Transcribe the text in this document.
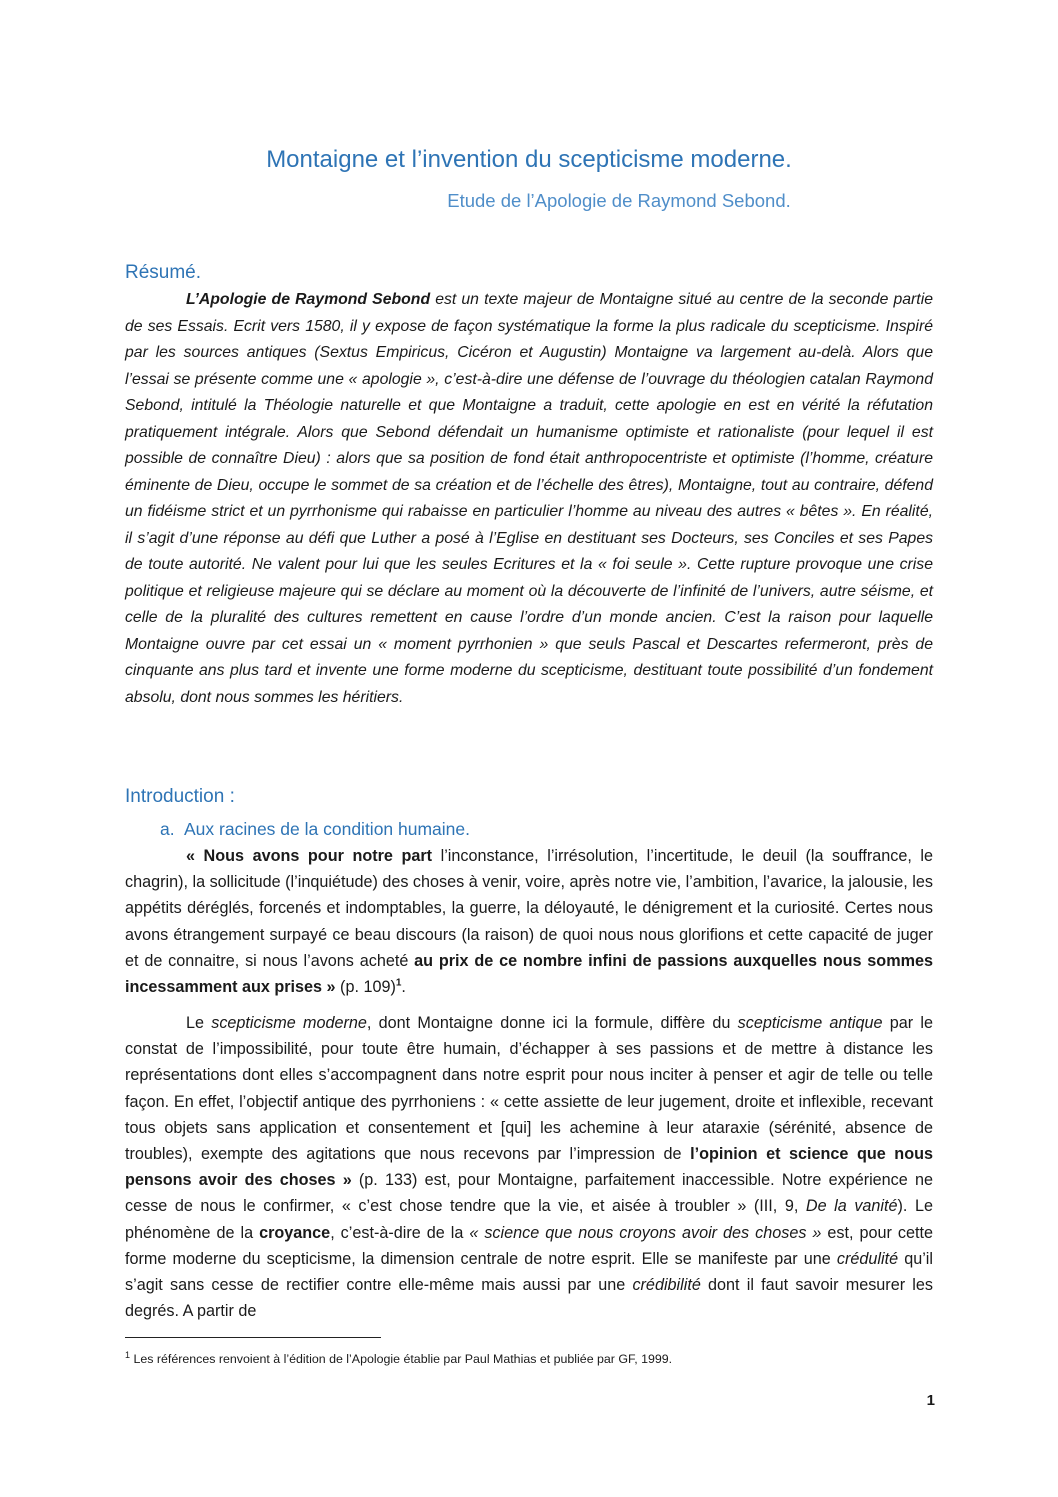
Montaigne et l’invention du scepticisme moderne.
Etude de l’Apologie de Raymond Sebond.
Résumé.
L’Apologie de Raymond Sebond est un texte majeur de Montaigne situé au centre de la seconde partie de ses Essais. Ecrit vers 1580, il y expose de façon systématique la forme la plus radicale du scepticisme. Inspiré par les sources antiques (Sextus Empiricus, Cicéron et Augustin) Montaigne va largement au-delà. Alors que l’essai se présente comme une « apologie », c’est-à-dire une défense de l’ouvrage du théologien catalan Raymond Sebond, intitulé la Théologie naturelle et que Montaigne a traduit, cette apologie en est en vérité la réfutation pratiquement intégrale. Alors que Sebond défendait un humanisme optimiste et rationaliste (pour lequel il est possible de connaître Dieu) : alors que sa position de fond était anthropocentriste et optimiste (l’homme, créature éminente de Dieu, occupe le sommet de sa création et de l’échelle des êtres), Montaigne, tout au contraire, défend un fidéisme strict et un pyrrhonisme qui rabaisse en particulier l’homme au niveau des autres « bêtes ». En réalité, il s’agit d’une réponse au défi que Luther a posé à l’Eglise en destituant ses Docteurs, ses Conciles et ses Papes de toute autorité. Ne valent pour lui que les seules Ecritures et la « foi seule ». Cette rupture provoque une crise politique et religieuse majeure qui se déclare au moment où la découverte de l’infinité de l’univers, autre séisme, et celle de la pluralité des cultures remettent en cause l’ordre d’un monde ancien. C’est la raison pour laquelle Montaigne ouvre par cet essai un « moment pyrrhonien » que seuls Pascal et Descartes refermeront, près de cinquante ans plus tard et invente une forme moderne du scepticisme, destituant toute possibilité d’un fondement absolu, dont nous sommes les héritiers.
Introduction :
a. Aux racines de la condition humaine.
« Nous avons pour notre part l’inconstance, l’irrésolution, l’incertitude, le deuil (la souffrance, le chagrin), la sollicitude (l’inquiétude) des choses à venir, voire, après notre vie, l’ambition, l’avarice, la jalousie, les appétits déréglés, forcenés et indomptables, la guerre, la déloyauté, le dénigrement et la curiosité. Certes nous avons étrangement surpayé ce beau discours (la raison) de quoi nous nous glorifions et cette capacité de juger et de connaitre, si nous l’avons acheté au prix de ce nombre infini de passions auxquelles nous sommes incessamment aux prises » (p. 109)$^1$.
Le scepticisme moderne, dont Montaigne donne ici la formule, diffère du scepticisme antique par le constat de l’impossibilité, pour toute être humain, d’échapper à ses passions et de mettre à distance les représentations dont elles s’accompagnent dans notre esprit pour nous inciter à penser et agir de telle ou telle façon. En effet, l’objectif antique des pyrrhoniens : « cette assiette de leur jugement, droite et inflexible, recevant tous objets sans application et consentement et [qui] les achemine à leur ataraxie (sérénité, absence de troubles), exempte des agitations que nous recevons par l’impression de l’opinion et science que nous pensons avoir des choses » (p. 133) est, pour Montaigne, parfaitement inaccessible. Notre expérience ne cesse de nous le confirmer, « c’est chose tendre que la vie, et aisée à troubler » (III, 9, De la vanité). Le phénomène de la croyance, c’est-à-dire de la « science que nous croyons avoir des choses » est, pour cette forme moderne du scepticisme, la dimension centrale de notre esprit. Elle se manifeste par une crédulité qu’il s’agit sans cesse de rectifier contre elle-même mais aussi par une crédibilité dont il faut savoir mesurer les degrés. A partir de
$^1$ Les références renvoient à l’édition de l’Apologie établie par Paul Mathias et publiée par GF, 1999.
1
